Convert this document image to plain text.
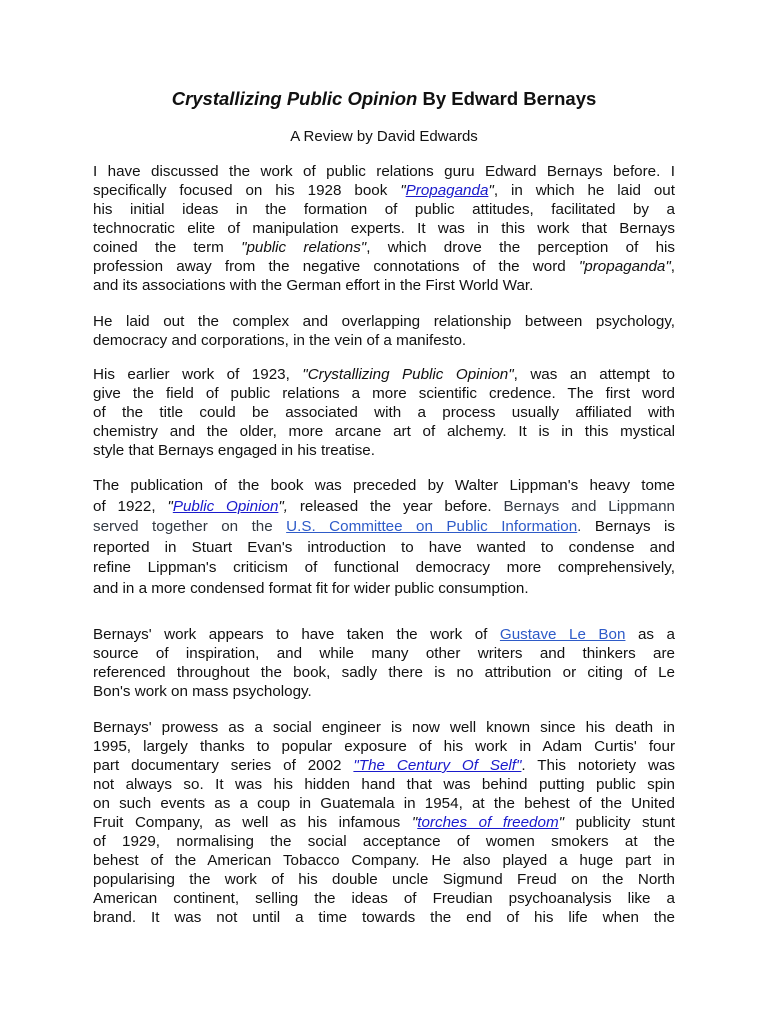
Crystallizing Public Opinion By Edward Bernays
A Review by David Edwards
I have discussed the work of public relations guru Edward Bernays before. I
specifically focused on his 1928 book "Propaganda", in which he laid out
his initial ideas in the formation of public attitudes, facilitated by a
technocratic elite of manipulation experts. It was in this work that Bernays
coined the term "public relations", which drove the perception of his
profession away from the negative connotations of the word "propaganda",
and its associations with the German effort in the First World War.
He laid out the complex and overlapping relationship between psychology,
democracy and corporations, in the vein of a manifesto.
His earlier work of 1923, "Crystallizing Public Opinion", was an attempt to
give the field of public relations a more scientific credence. The first word
of the title could be associated with a process usually affiliated with
chemistry and the older, more arcane art of alchemy. It is in this mystical
style that Bernays engaged in his treatise.
The publication of the book was preceded by Walter Lippman's heavy tome
of 1922, "Public Opinion", released the year before. Bernays and Lippmann
served together on the U.S. Committee on Public Information. Bernays is
reported in Stuart Evan's introduction to have wanted to condense and
refine Lippman's criticism of functional democracy more comprehensively,
and in a more condensed format fit for wider public consumption.
Bernays' work appears to have taken the work of Gustave Le Bon as a
source of inspiration, and while many other writers and thinkers are
referenced throughout the book, sadly there is no attribution or citing of Le
Bon's work on mass psychology.
Bernays' prowess as a social engineer is now well known since his death in
1995, largely thanks to popular exposure of his work in Adam Curtis' four
part documentary series of 2002 "The Century Of Self". This notoriety was
not always so. It was his hidden hand that was behind putting public spin
on such events as a coup in Guatemala in 1954, at the behest of the United
Fruit Company, as well as his infamous "torches of freedom" publicity stunt
of 1929, normalising the social acceptance of women smokers at the
behest of the American Tobacco Company. He also played a huge part in
popularising the work of his double uncle Sigmund Freud on the North
American continent, selling the ideas of Freudian psychoanalysis like a
brand. It was not until a time towards the end of his life when the
